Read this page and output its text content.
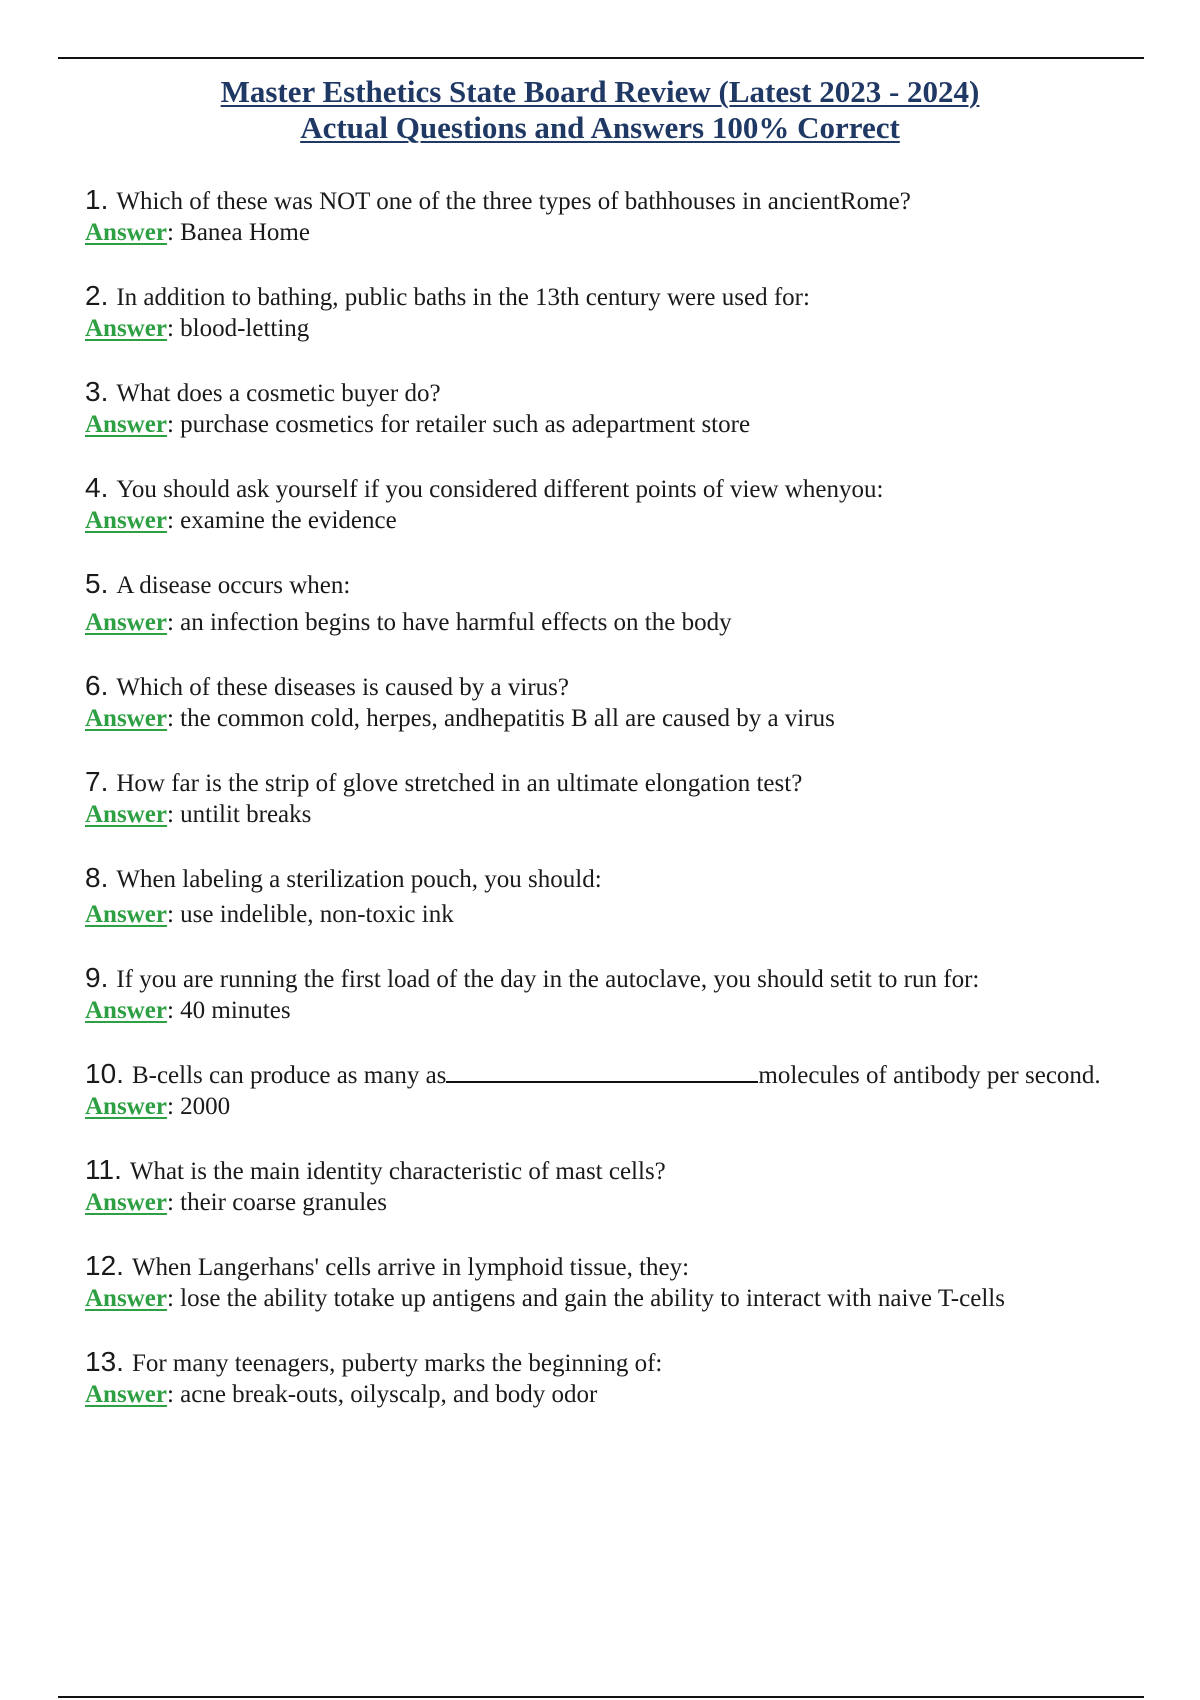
Master Esthetics State Board Review (Latest 2023 - 2024)
Actual Questions and Answers 100% Correct
1. Which of these was NOT one of the three types of bathhouses in ancientRome?
Answer: Banea Home
2. In addition to bathing, public baths in the 13th century were used for:
Answer: blood-letting
3. What does a cosmetic buyer do?
Answer: purchase cosmetics for retailer such as adepartment store
4. You should ask yourself if you considered different points of view whenyou:
Answer: examine the evidence
5. A disease occurs when:
Answer: an infection begins to have harmful effects on the body
6. Which of these diseases is caused by a virus?
Answer: the common cold, herpes, andhepatitis B all are caused by a virus
7. How far is the strip of glove stretched in an ultimate elongation test?
Answer: untilit breaks
8. When labeling a sterilization pouch, you should:
Answer: use indelible, non-toxic ink
9. If you are running the first load of the day in the autoclave, you should setit to run for:
Answer: 40 minutes
10. B-cells can produce as many as	molecules of antibody per second.
Answer: 2000
11. What is the main identity characteristic of mast cells?
Answer: their coarse granules
12. When Langerhans' cells arrive in lymphoid tissue, they:
Answer: lose the ability totake up antigens and gain the ability to interact with naive T-cells
13. For many teenagers, puberty marks the beginning of:
Answer: acne break-outs, oilyscalp, and body odor
